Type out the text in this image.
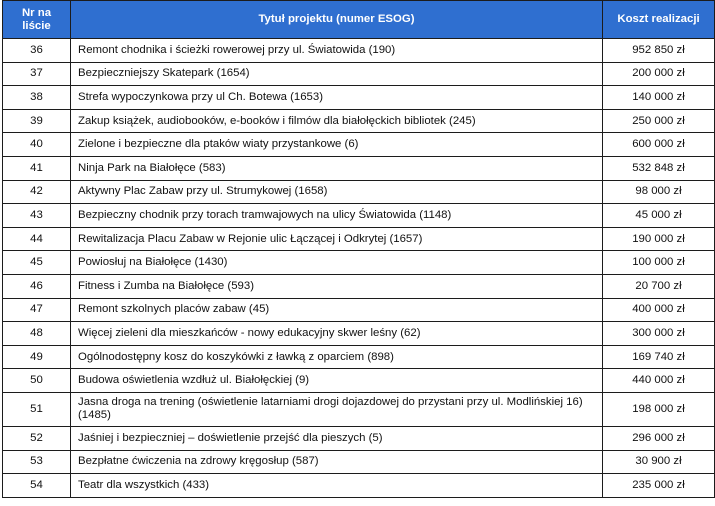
Nr na liście	Tytuł projektu (numer ESOG)	Koszt realizacji
36	Remont chodnika i ścieżki rowerowej przy ul. Światowida (190)	952 850 zł
37	Bezpieczniejszy Skatepark (1654)	200 000 zł
38	Strefa wypoczynkowa przy ul Ch. Botewa (1653)	140 000 zł
39	Zakup książek, audiobooków, e-booków i filmów dla białołęckich bibliotek (245)	250 000 zł
40	Zielone i bezpieczne dla ptaków wiaty przystankowe (6)	600 000 zł
41	Ninja Park na Białołęce (583)	532 848 zł
42	Aktywny Plac Zabaw przy ul. Strumykowej (1658)	98 000 zł
43	Bezpieczny chodnik przy torach tramwajowych na ulicy Światowida (1148)	45 000 zł
44	Rewitalizacja Placu Zabaw w Rejonie ulic Łączącej i Odkrytej (1657)	190 000 zł
45	Powiosłuj na Białołęce (1430)	100 000 zł
46	Fitness i Zumba na Białołęce (593)	20 700 zł
47	Remont szkolnych placów zabaw (45)	400 000 zł
48	Więcej zieleni dla mieszkańców - nowy edukacyjny skwer leśny (62)	300 000 zł
49	Ogólnodostępny kosz do koszykówki z ławką z oparciem (898)	169 740 zł
50	Budowa oświetlenia wzdłuż ul. Białołęckiej (9)	440 000 zł
51	Jasna droga na trening (oświetlenie latarniami drogi dojazdowej do przystani przy ul. Modlińskiej 16) (1485)	198 000 zł
52	Jaśniej i bezpieczniej – doświetlenie przejść dla pieszych (5)	296 000 zł
53	Bezpłatne ćwiczenia na zdrowy kręgosłup (587)	30 900 zł
54	Teatr dla wszystkich (433)	235 000 zł
